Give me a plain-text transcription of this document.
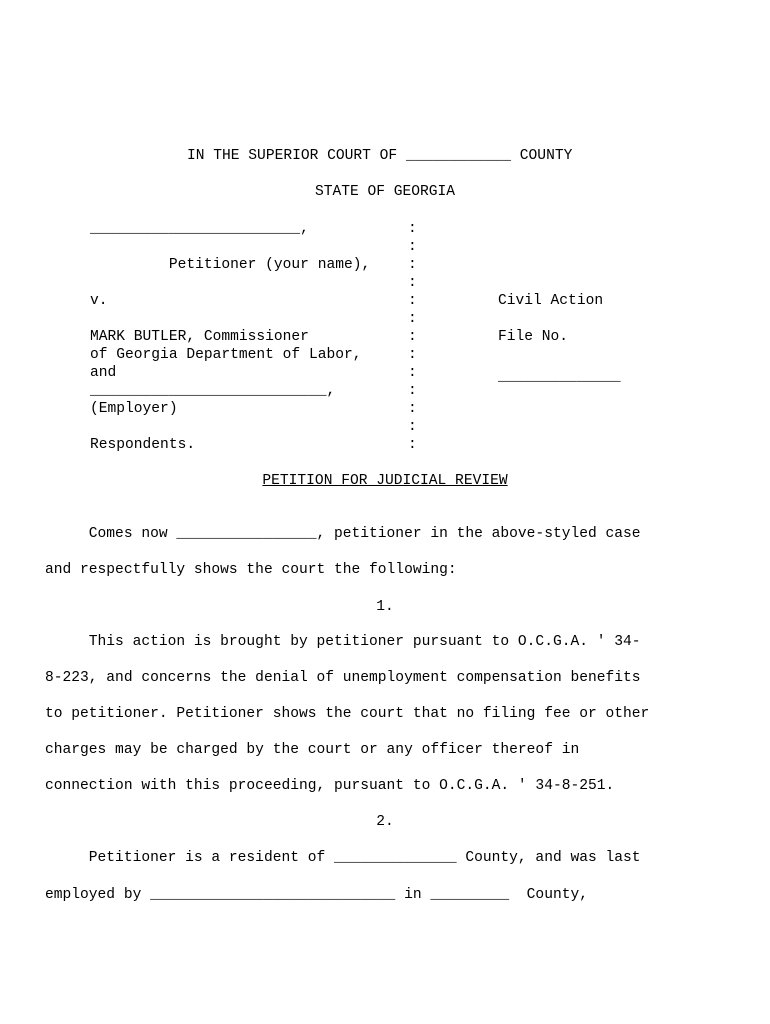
IN THE SUPERIOR COURT OF ____________ COUNTY

STATE OF GEORGIA

________________________,

Petitioner (your name),

v.

MARK BUTLER, Commissioner

of Georgia Department of Labor,

and

___________________________,

(Employer)

Respondents.

:

:

:

:

:

:

:

:

:

:

:

:

:

Civil Action

File No.

______________

PETITION FOR JUDICIAL REVIEW

Comes now ________________, petitioner in the above-styled case

and respectfully shows the court the following:

1.

This action is brought by petitioner pursuant to O.C.G.A. ' 34-

8-223, and concerns the denial of unemployment compensation benefits

to petitioner. Petitioner shows the court that no filing fee or other

charges may be charged by the court or any officer thereof in

connection with this proceeding, pursuant to O.C.G.A. ' 34-8-251.

2.

Petitioner is a resident of ______________ County, and was last

employed by ____________________________ in _________  County,
